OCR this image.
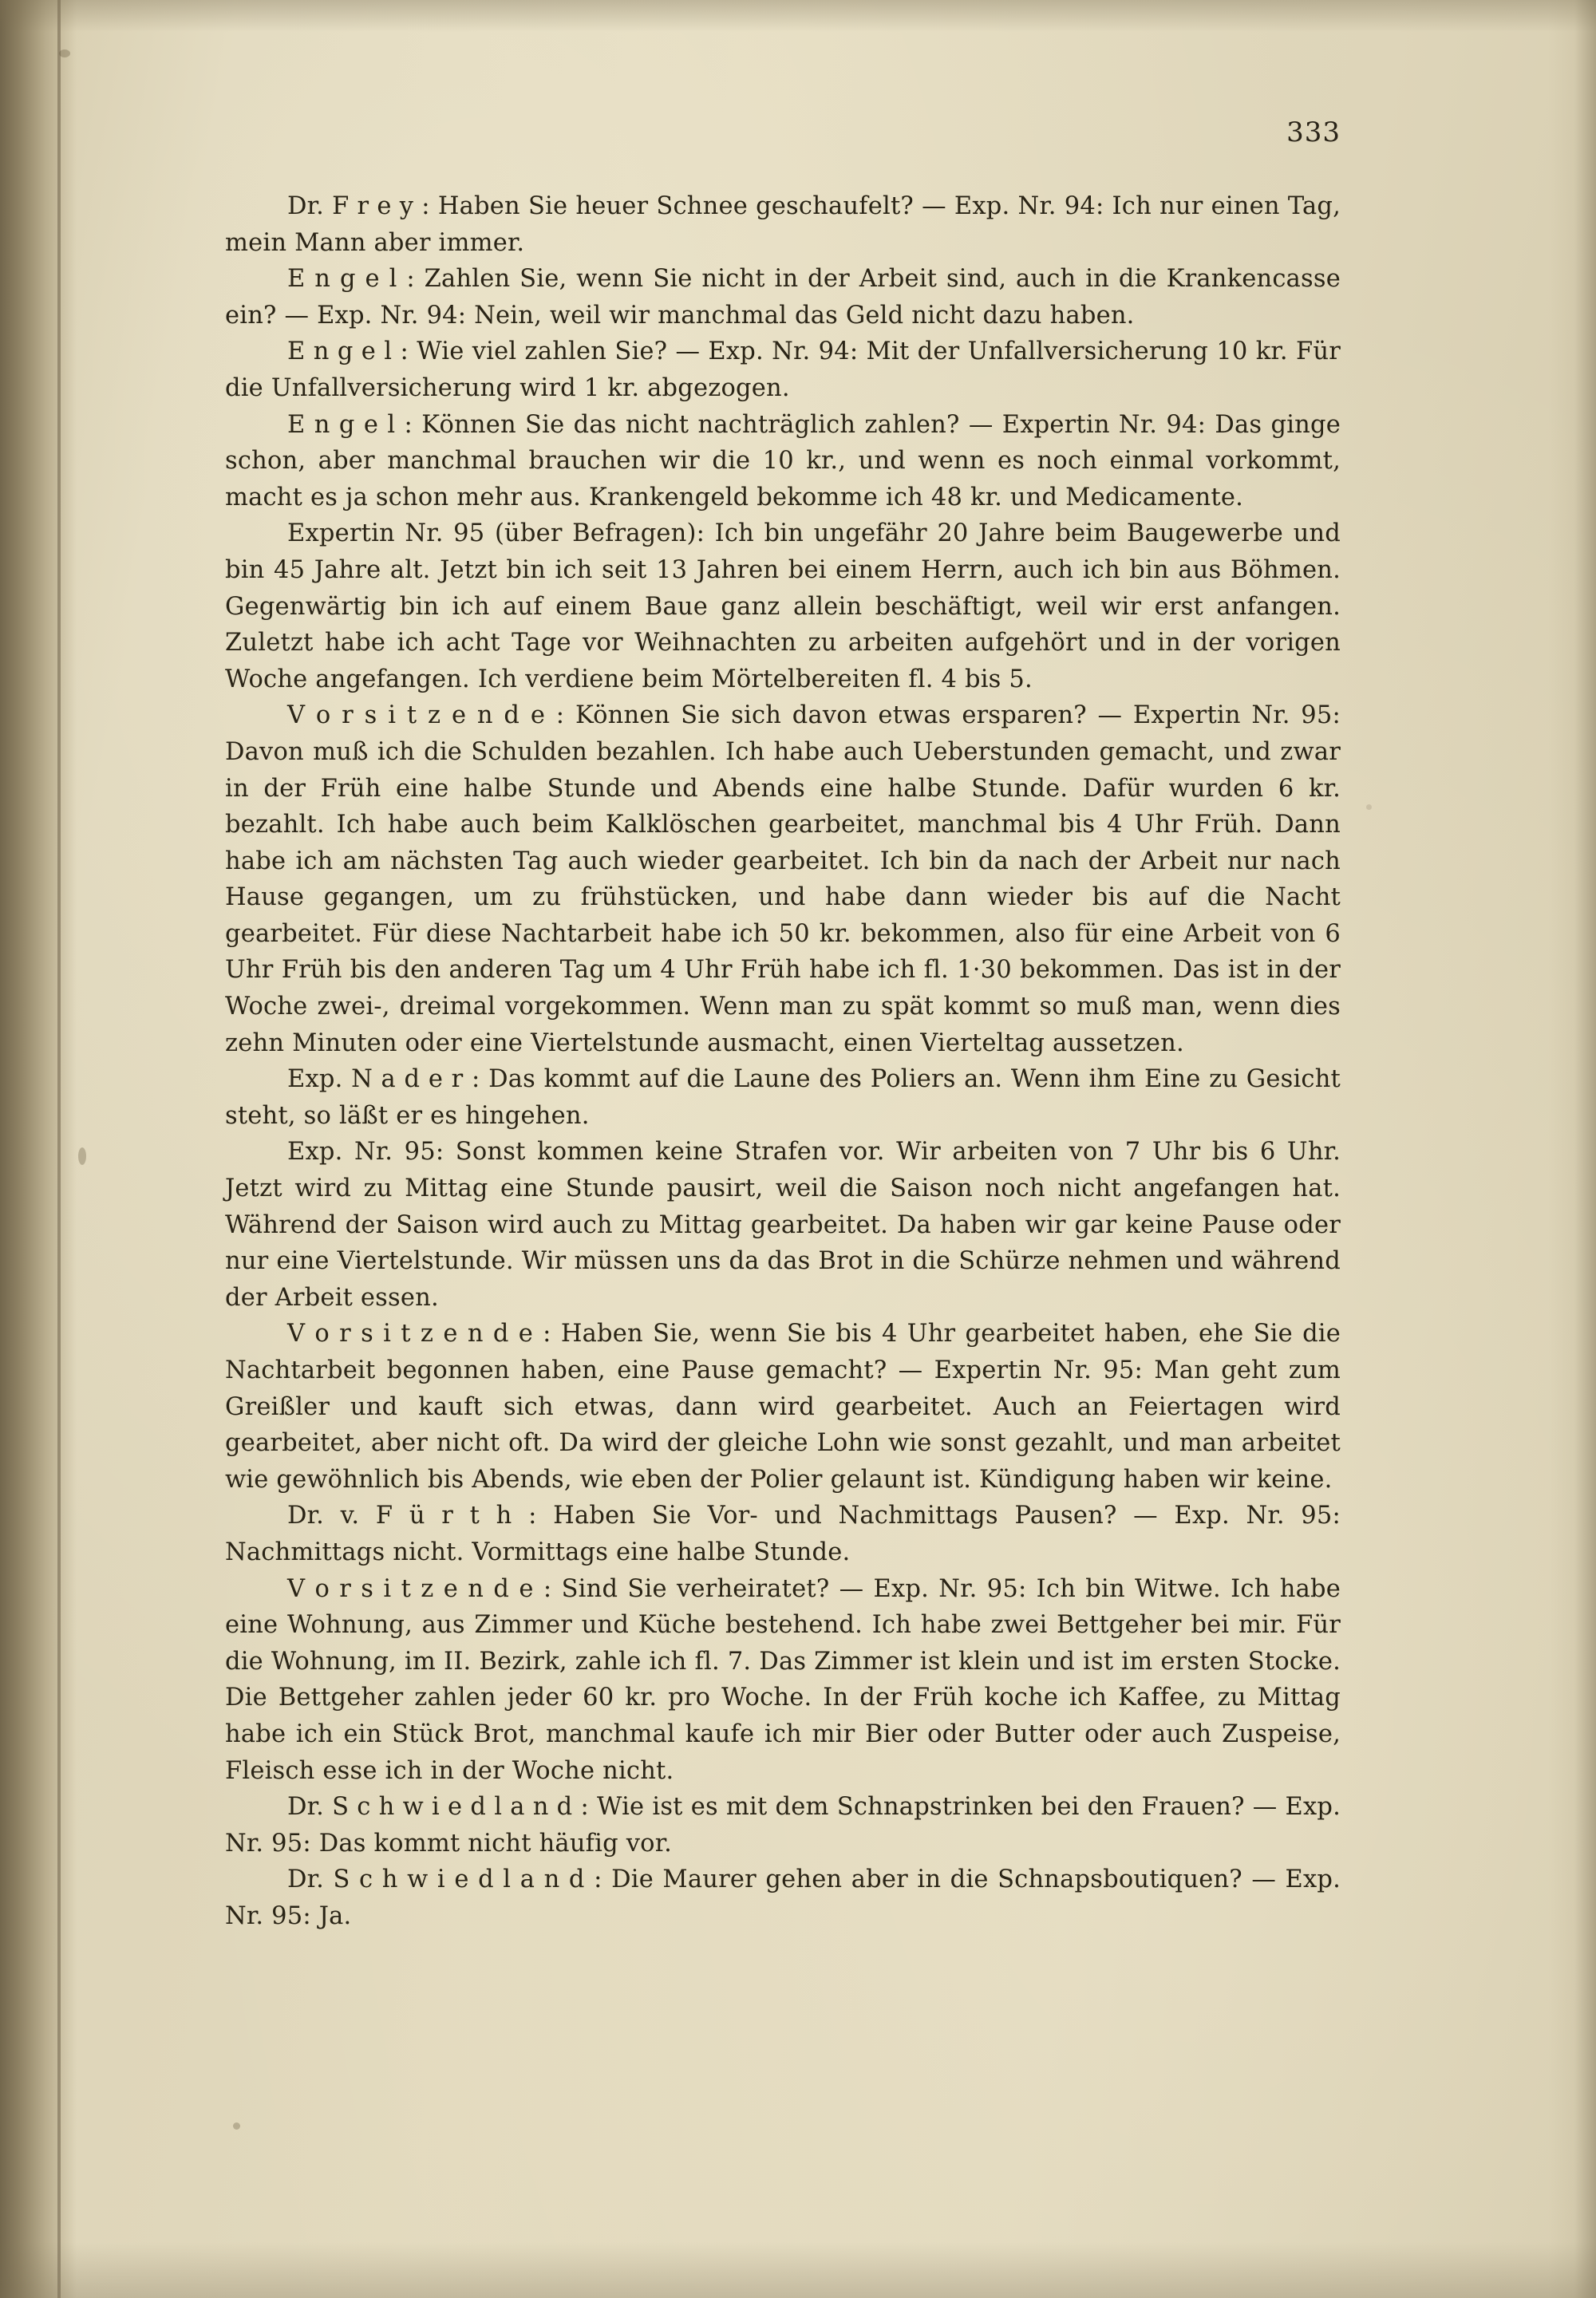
333

Dr. F r e y : Haben Sie heuer Schnee geschaufelt? — Exp. Nr. 94: Ich nur einen Tag, mein Mann aber immer.

E n g e l : Zahlen Sie, wenn Sie nicht in der Arbeit sind, auch in die Krankencasse ein? — Exp. Nr. 94: Nein, weil wir manchmal das Geld nicht dazu haben.

E n g e l : Wie viel zahlen Sie? — Exp. Nr. 94: Mit der Unfallversicherung 10 kr. Für die Unfallversicherung wird 1 kr. abgezogen.

E n g e l : Können Sie das nicht nachträglich zahlen? — Expertin Nr. 94: Das ginge schon, aber manchmal brauchen wir die 10 kr., und wenn es noch einmal vorkommt, macht es ja schon mehr aus. Krankengeld bekomme ich 48 kr. und Medicamente.

Expertin Nr. 95 (über Befragen): Ich bin ungefähr 20 Jahre beim Baugewerbe und bin 45 Jahre alt. Jetzt bin ich seit 13 Jahren bei einem Herrn, auch ich bin aus Böhmen. Gegenwärtig bin ich auf einem Baue ganz allein beschäftigt, weil wir erst anfangen. Zuletzt habe ich acht Tage vor Weihnachten zu arbeiten aufgehört und in der vorigen Woche angefangen. Ich verdiene beim Mörtelbereiten fl. 4 bis 5.

V o r s i t z e n d e : Können Sie sich davon etwas ersparen? — Expertin Nr. 95: Davon muß ich die Schulden bezahlen. Ich habe auch Ueberstunden gemacht, und zwar in der Früh eine halbe Stunde und Abends eine halbe Stunde. Dafür wurden 6 kr. bezahlt. Ich habe auch beim Kalklöschen gearbeitet, manchmal bis 4 Uhr Früh. Dann habe ich am nächsten Tag auch wieder gearbeitet. Ich bin da nach der Arbeit nur nach Hause gegangen, um zu frühstücken, und habe dann wieder bis auf die Nacht gearbeitet. Für diese Nachtarbeit habe ich 50 kr. bekommen, also für eine Arbeit von 6 Uhr Früh bis den anderen Tag um 4 Uhr Früh habe ich fl. 1·30 bekommen. Das ist in der Woche zwei-, dreimal vorgekommen. Wenn man zu spät kommt so muß man, wenn dies zehn Minuten oder eine Viertelstunde ausmacht, einen Vierteltag aussetzen.

Exp. N a d e r : Das kommt auf die Laune des Poliers an. Wenn ihm Eine zu Gesicht steht, so läßt er es hingehen.

Exp. Nr. 95: Sonst kommen keine Strafen vor. Wir arbeiten von 7 Uhr bis 6 Uhr. Jetzt wird zu Mittag eine Stunde pausirt, weil die Saison noch nicht angefangen hat. Während der Saison wird auch zu Mittag gearbeitet. Da haben wir gar keine Pause oder nur eine Viertelstunde. Wir müssen uns da das Brot in die Schürze nehmen und während der Arbeit essen.

V o r s i t z e n d e : Haben Sie, wenn Sie bis 4 Uhr gearbeitet haben, ehe Sie die Nachtarbeit begonnen haben, eine Pause gemacht? — Expertin Nr. 95: Man geht zum Greißler und kauft sich etwas, dann wird gearbeitet. Auch an Feiertagen wird gearbeitet, aber nicht oft. Da wird der gleiche Lohn wie sonst gezahlt, und man arbeitet wie gewöhnlich bis Abends, wie eben der Polier gelaunt ist. Kündigung haben wir keine.

Dr. v. F ü r t h : Haben Sie Vor- und Nachmittags Pausen? — Exp. Nr. 95: Nachmittags nicht. Vormittags eine halbe Stunde.

V o r s i t z e n d e : Sind Sie verheiratet? — Exp. Nr. 95: Ich bin Witwe. Ich habe eine Wohnung, aus Zimmer und Küche bestehend. Ich habe zwei Bettgeher bei mir. Für die Wohnung, im II. Bezirk, zahle ich fl. 7. Das Zimmer ist klein und ist im ersten Stocke. Die Bettgeher zahlen jeder 60 kr. pro Woche. In der Früh koche ich Kaffee, zu Mittag habe ich ein Stück Brot, manchmal kaufe ich mir Bier oder Butter oder auch Zuspeise, Fleisch esse ich in der Woche nicht.

Dr. S c h w i e d l a n d : Wie ist es mit dem Schnapstrinken bei den Frauen? — Exp. Nr. 95: Das kommt nicht häufig vor.

Dr. S c h w i e d l a n d : Die Maurer gehen aber in die Schnapsboutiquen? — Exp. Nr. 95: Ja.
